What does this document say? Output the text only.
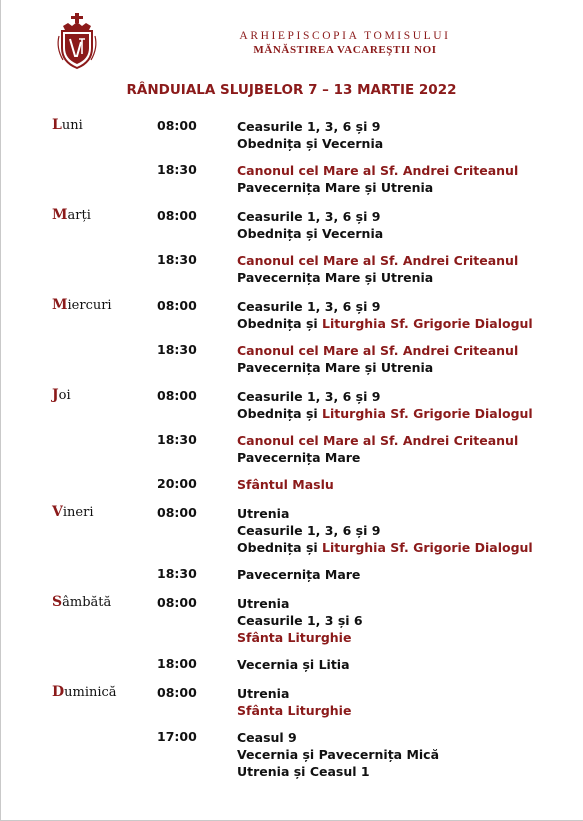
ARHIEPISCOPIA TOMISULUI
MĂNĂSTIREA VACAREŞTII NOI
RÂNDUIALA SLUJBELOR 7 – 13 MARTIE 2022
Luni	08:00	Ceasurile 1, 3, 6 și 9
Obednița și Vecernia
18:30	Canonul cel Mare al Sf. Andrei Criteanul
Pavecernița Mare și Utrenia
Marți	08:00	Ceasurile 1, 3, 6 și 9
Obednița și Vecernia
18:30	Canonul cel Mare al Sf. Andrei Criteanul
Pavecernița Mare și Utrenia
Miercuri	08:00	Ceasurile 1, 3, 6 și 9
Obednița și Liturghia Sf. Grigorie Dialogul
18:30	Canonul cel Mare al Sf. Andrei Criteanul
Pavecernița Mare și Utrenia
Joi	08:00	Ceasurile 1, 3, 6 și 9
Obednița și Liturghia Sf. Grigorie Dialogul
18:30	Canonul cel Mare al Sf. Andrei Criteanul
Pavecernița Mare
20:00	Sfântul Maslu
Vineri	08:00	Utrenia
Ceasurile 1, 3, 6 și 9
Obednița și Liturghia Sf. Grigorie Dialogul
18:30	Pavecernița Mare
Sâmbătă	08:00	Utrenia
Ceasurile 1, 3 și 6
Sfânta Liturghie
18:00	Vecernia și Litia
Duminică	08:00	Utrenia
Sfânta Liturghie
17:00	Ceasul 9
Vecernia și Pavecernița Mică
Utrenia și Ceasul 1
